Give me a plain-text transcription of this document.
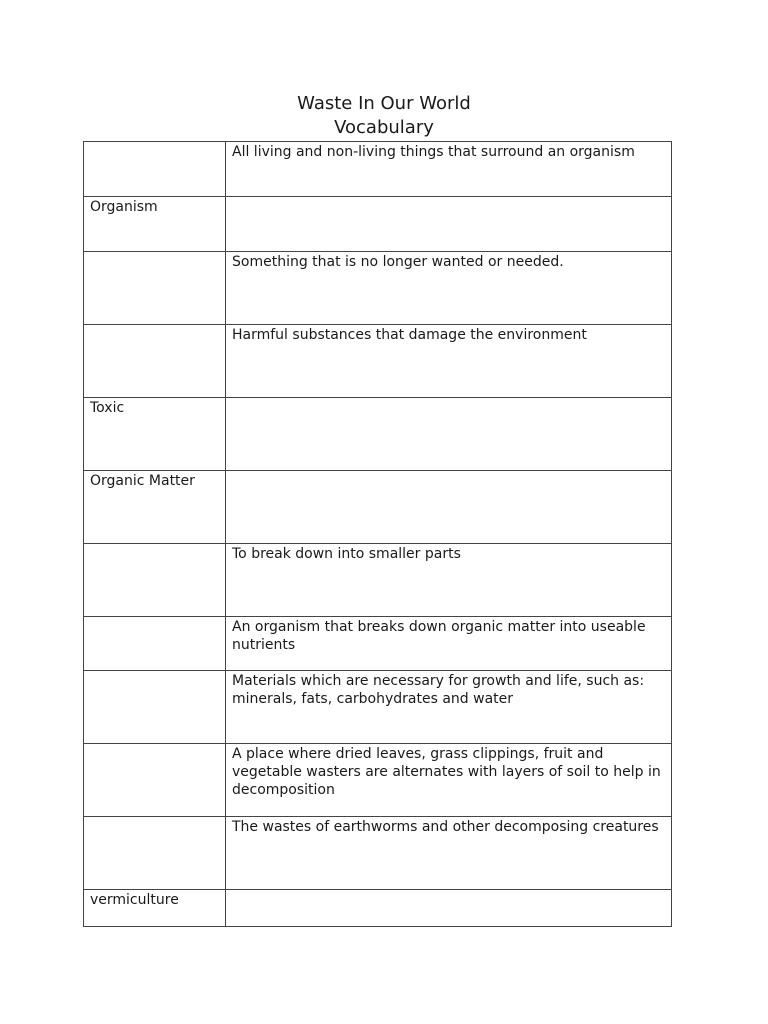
Waste In Our World

Vocabulary

	All living and non-living things that surround an organism
Organism	
	Something that is no longer wanted or needed.
	Harmful substances that damage the environment
Toxic	
Organic Matter	
	To break down into smaller parts
	An organism that breaks down organic matter into useable nutrients
	Materials which are necessary for growth and life, such as: minerals, fats, carbohydrates and water
	A place where dried leaves, grass clippings, fruit and vegetable wasters are alternates with layers of soil to help in decomposition
	The wastes of earthworms and other decomposing creatures
vermiculture	
